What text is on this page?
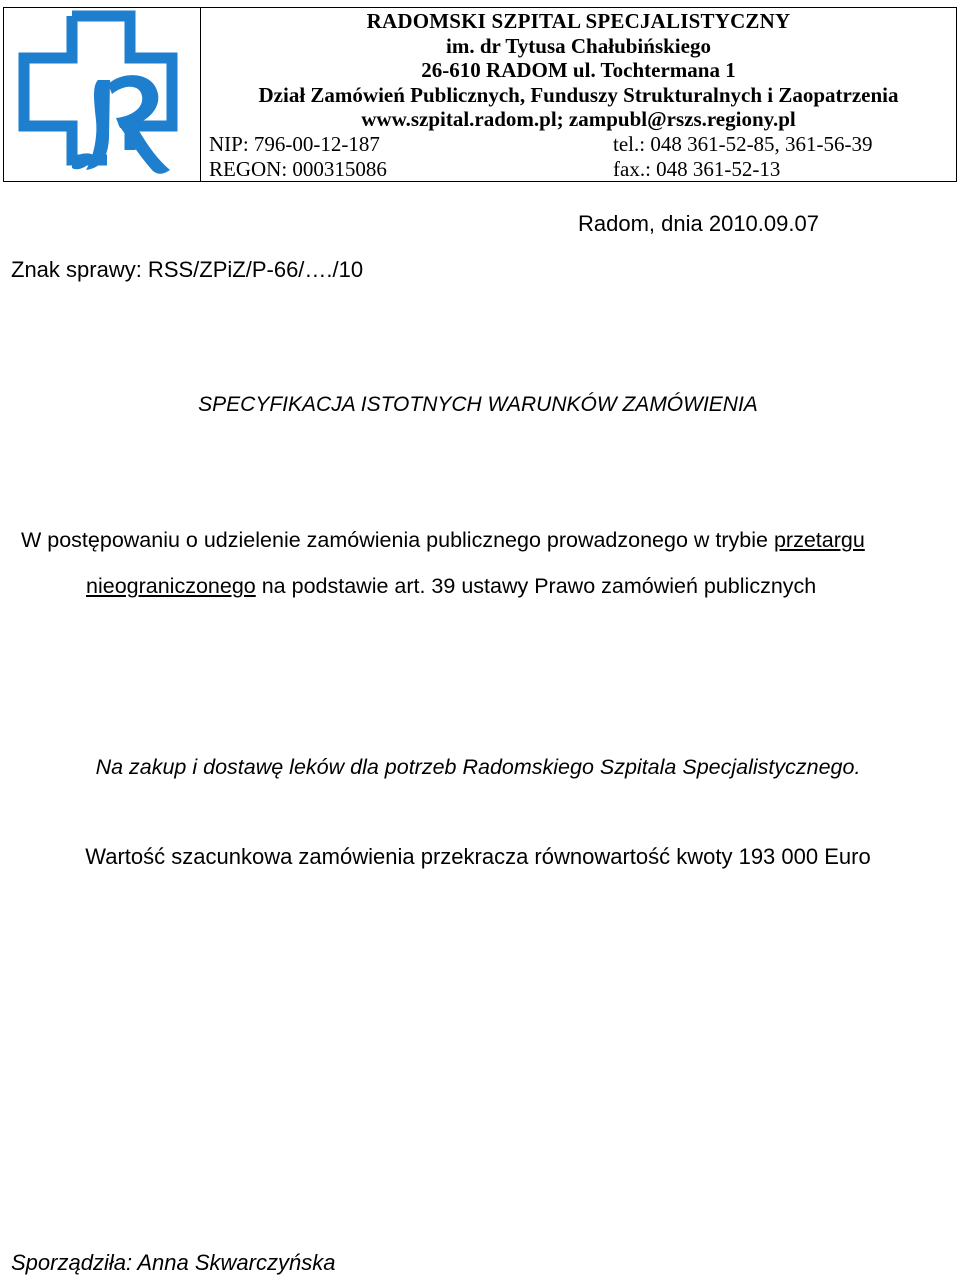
RADOMSKI SZPITAL SPECJALISTYCZNY
im. dr Tytusa Chałubińskiego
26-610 RADOM ul. Tochtermana 1
Dział Zamówień Publicznych, Funduszy Strukturalnych i Zaopatrzenia
www.szpital.radom.pl; zampubl@rszs.regiony.pl
NIP: 796-00-12-187	tel.: 048 361-52-85, 361-56-39
REGON: 000315086	fax.: 048 361-52-13
Radom, dnia 2010.09.07
Znak sprawy: RSS/ZPiZ/P-66/…./10
SPECYFIKACJA ISTOTNYCH WARUNKÓW ZAMÓWIENIA
W postępowaniu o udzielenie zamówienia publicznego prowadzonego w trybie przetargu
nieograniczonego na podstawie art. 39 ustawy Prawo zamówień publicznych
Na zakup i dostawę leków dla potrzeb Radomskiego Szpitala Specjalistycznego.
Wartość szacunkowa zamówienia przekracza równowartość kwoty 193 000 Euro
Sporządziła: Anna Skwarczyńska
